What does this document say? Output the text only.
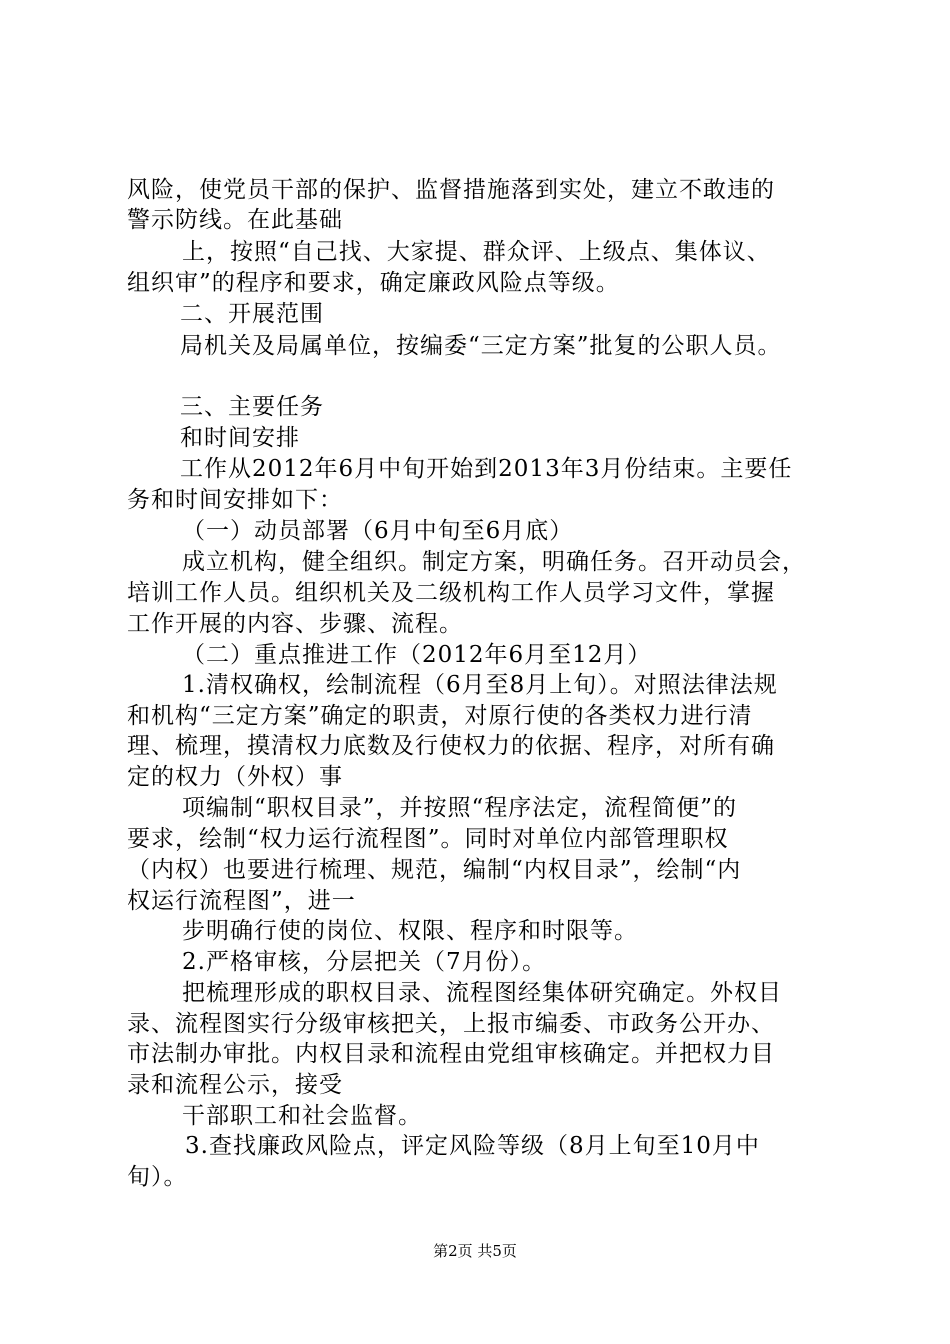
风险，使党员干部的保护、监督措施落到实处，建立不敢违的
警示防线。在此基础
上，按照“自己找、大家提、群众评、上级点、集体议、
组织审”的程序和要求，确定廉政风险点等级。
二、开展范围
局机关及局属单位，按编委“三定方案”批复的公职人员。
三、主要任务
和时间安排
工作从2012年6月中旬开始到2013年3月份结束。主要任
务和时间安排如下：
（一）动员部署（6月中旬至6月底）
成立机构，健全组织。制定方案，明确任务。召开动员会，
培训工作人员。组织机关及二级机构工作人员学习文件，掌握
工作开展的内容、步骤、流程。
（二）重点推进工作（2012年6月至12月）
1.清权确权，绘制流程（6月至8月上旬）。对照法律法规
和机构“三定方案”确定的职责，对原行使的各类权力进行清
理、梳理，摸清权力底数及行使权力的依据、程序，对所有确
定的权力（外权）事
项编制“职权目录”，并按照“程序法定，流程简便”的
要求，绘制“权力运行流程图”。同时对单位内部管理职权
（内权）也要进行梳理、规范，编制“内权目录”，绘制“内
权运行流程图”，进一
步明确行使的岗位、权限、程序和时限等。
2.严格审核，分层把关（7月份）。
把梳理形成的职权目录、流程图经集体研究确定。外权目
录、流程图实行分级审核把关，上报市编委、市政务公开办、
市法制办审批。内权目录和流程由党组审核确定。并把权力目
录和流程公示，接受
干部职工和社会监督。
3.查找廉政风险点，评定风险等级（8月上旬至10月中
旬）。
第2页 共5页
